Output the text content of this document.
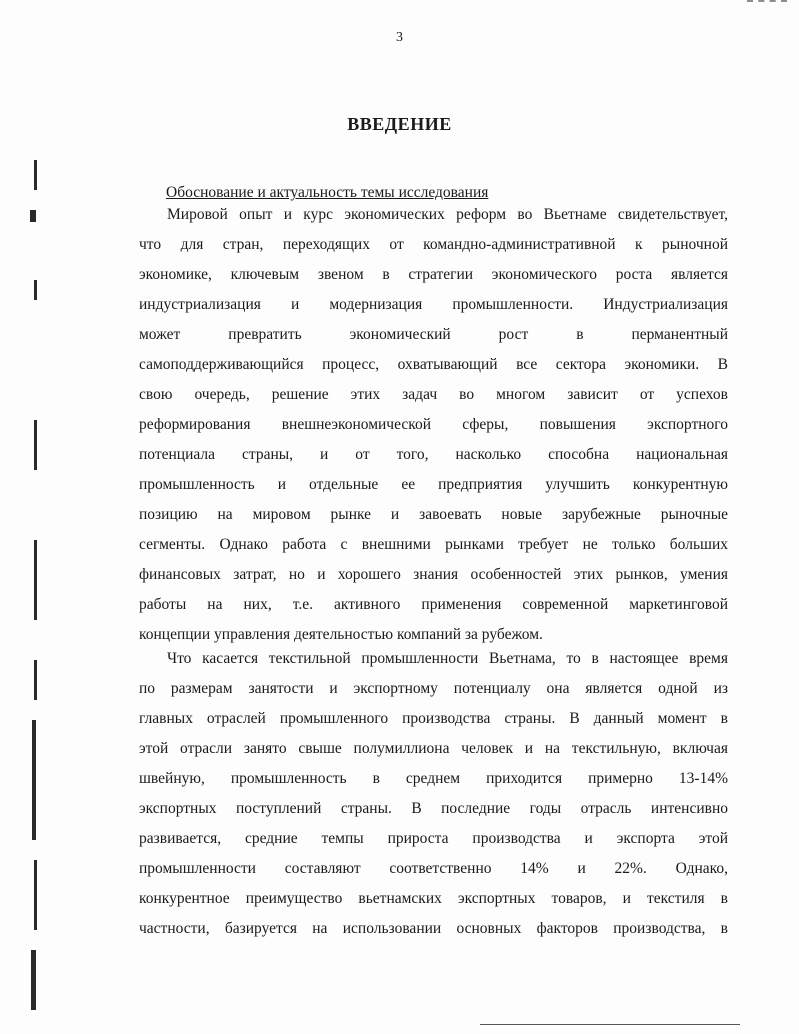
3
ВВЕДЕНИЕ
Обоснование и актуальность темы исследования
Мировой опыт и курс экономических реформ во Вьетнаме свидетельствует,
что для стран, переходящих от командно-административной к рыночной
экономике, ключевым звеном в стратегии экономического роста является
индустриализация и модернизация промышленности. Индустриализация
может превратить экономический рост в перманентный
самоподдерживающийся процесс, охватывающий все сектора экономики. В
свою очередь, решение этих задач во многом зависит от успехов
реформирования внешнеэкономической сферы, повышения экспортного
потенциала страны, и от того, насколько способна национальная
промышленность и отдельные ее предприятия улучшить конкурентную
позицию на мировом рынке и завоевать новые зарубежные рыночные
сегменты. Однако работа с внешними рынками требует не только больших
финансовых затрат, но и хорошего знания особенностей этих рынков, умения
работы на них, т.е. активного применения современной маркетинговой
концепции управления деятельностью компаний за рубежом.
Что касается текстильной промышленности Вьетнама, то в настоящее время
по размерам занятости и экспортному потенциалу она является одной из
главных отраслей промышленного производства страны. В данный момент в
этой отрасли занято свыше полумиллиона человек и на текстильную, включая
швейную, промышленность в среднем приходится примерно 13-14%
экспортных поступлений страны. В последние годы отрасль интенсивно
развивается, средние темпы прироста производства и экспорта этой
промышленности составляют соответственно 14% и 22%. Однако,
конкурентное преимущество вьетнамских экспортных товаров, и текстиля в
частности, базируется на использовании основных факторов производства, в
